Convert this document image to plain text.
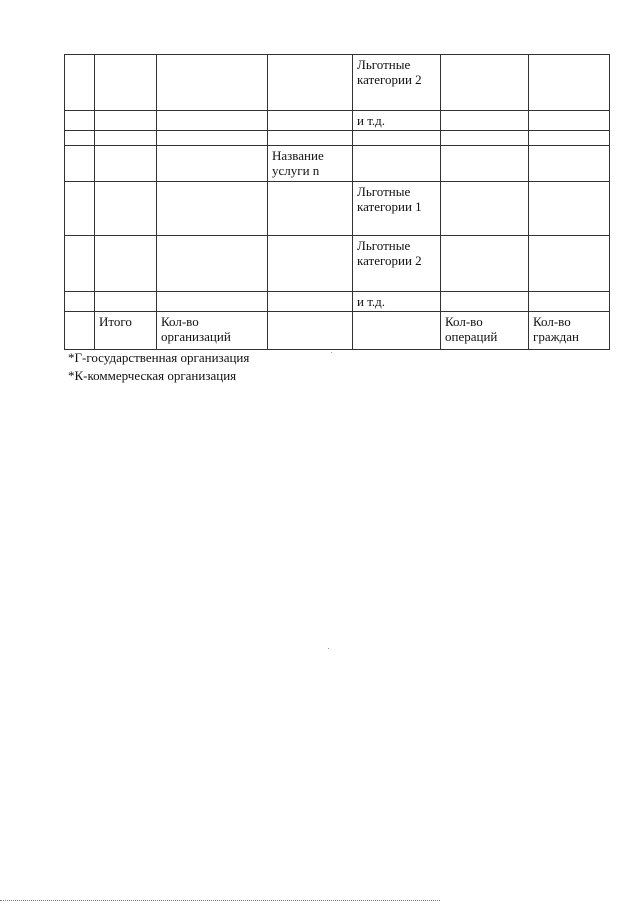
				Льготные категории 2		
				и т.д.		

			Название услуги n			
				Льготные категории 1		
				Льготные категории 2		
				и т.д.		
	Итого	Кол-во организаций			Кол-во операций	Кол-во граждан
*Г-государственная организация
*К-коммерческая организация
